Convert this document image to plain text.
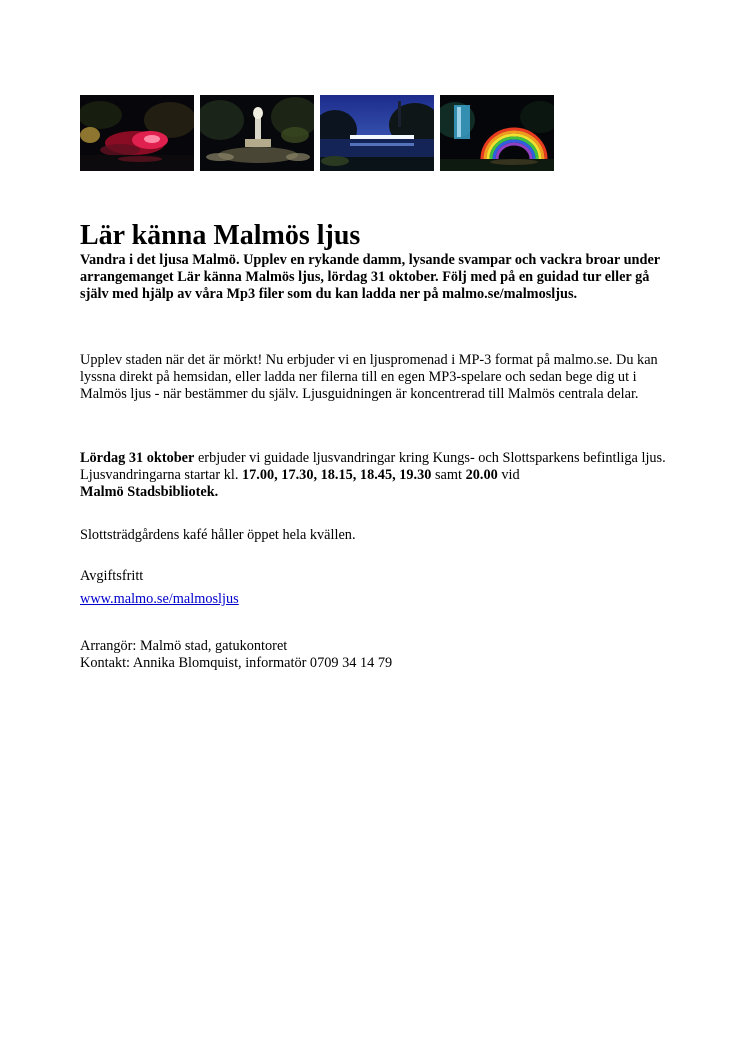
Lär känna Malmös ljus

Vandra i det ljusa Malmö. Upplev en rykande damm, lysande svampar och vackra broar under arrangemanget Lär känna Malmös ljus, lördag 31 oktober. Följ med på en guidad tur eller gå själv med hjälp av våra Mp3 filer som du kan ladda ner på malmo.se/malmosljus.

Upplev staden när det är mörkt! Nu erbjuder vi en ljuspromenad i MP-3 format på malmo.se. Du kan lyssna direkt på hemsidan, eller ladda ner filerna till en egen MP3-spelare och sedan bege dig ut i Malmös ljus - när bestämmer du själv. Ljusguidningen är koncentrerad till Malmös centrala delar.

Lördag 31 oktober erbjuder vi guidade ljusvandringar kring Kungs- och Slottsparkens befintliga ljus. Ljusvandringarna startar kl. 17.00, 17.30, 18.15, 18.45, 19.30 samt 20.00 vid
Malmö Stadsbibliotek.

Slottsträdgårdens kafé håller öppet hela kvällen.

Avgiftsfritt

www.malmo.se/malmosljus

Arrangör: Malmö stad, gatukontoret

Kontakt: Annika Blomquist, informatör 0709 34 14 79
